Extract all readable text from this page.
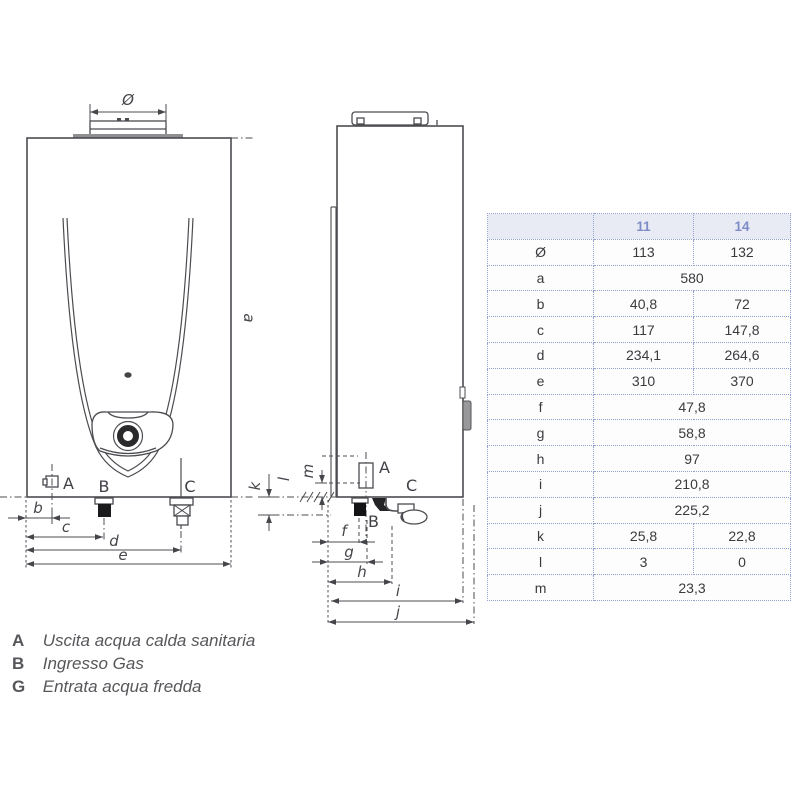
Ø
a
A B	C
b
c
d
e
A
B
C
k
l
m
f
g
h
i
j
	11	14
Ø	113	132
a	580	
b	40,8	72
c	117	147,8
d	234,1	264,6
e	310	370
f	47,8	
g	58,8	
h	97	
i	210,8	
j	225,2	
k	25,8	22,8
l	3	0
m	23,3	
A Uscita acqua calda sanitaria
B Ingresso Gas
G Entrata acqua fredda
